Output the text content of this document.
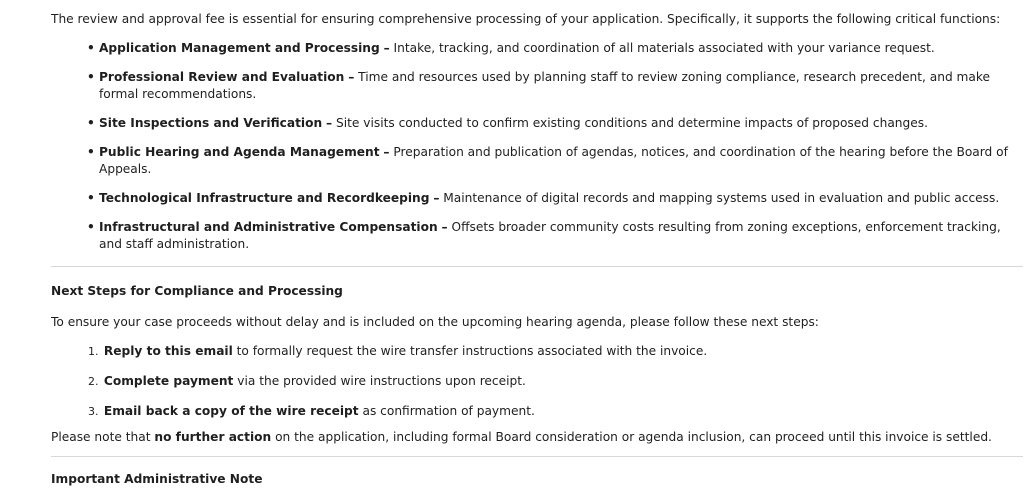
The review and approval fee is essential for ensuring comprehensive processing of your application. Specifically, it supports the following critical functions:
• Application Management and Processing – Intake, tracking, and coordination of all materials associated with your variance request.
• Professional Review and Evaluation – Time and resources used by planning staff to review zoning compliance, research precedent, and make formal recommendations.
• Site Inspections and Verification – Site visits conducted to confirm existing conditions and determine impacts of proposed changes.
• Public Hearing and Agenda Management – Preparation and publication of agendas, notices, and coordination of the hearing before the Board of Appeals.
• Technological Infrastructure and Recordkeeping – Maintenance of digital records and mapping systems used in evaluation and public access.
• Infrastructural and Administrative Compensation – Offsets broader community costs resulting from zoning exceptions, enforcement tracking, and staff administration.
Next Steps for Compliance and Processing
To ensure your case proceeds without delay and is included on the upcoming hearing agenda, please follow these next steps:
1. Reply to this email to formally request the wire transfer instructions associated with the invoice.
2. Complete payment via the provided wire instructions upon receipt.
3. Email back a copy of the wire receipt as confirmation of payment.
Please note that no further action on the application, including formal Board consideration or agenda inclusion, can proceed until this invoice is settled.
Important Administrative Note
